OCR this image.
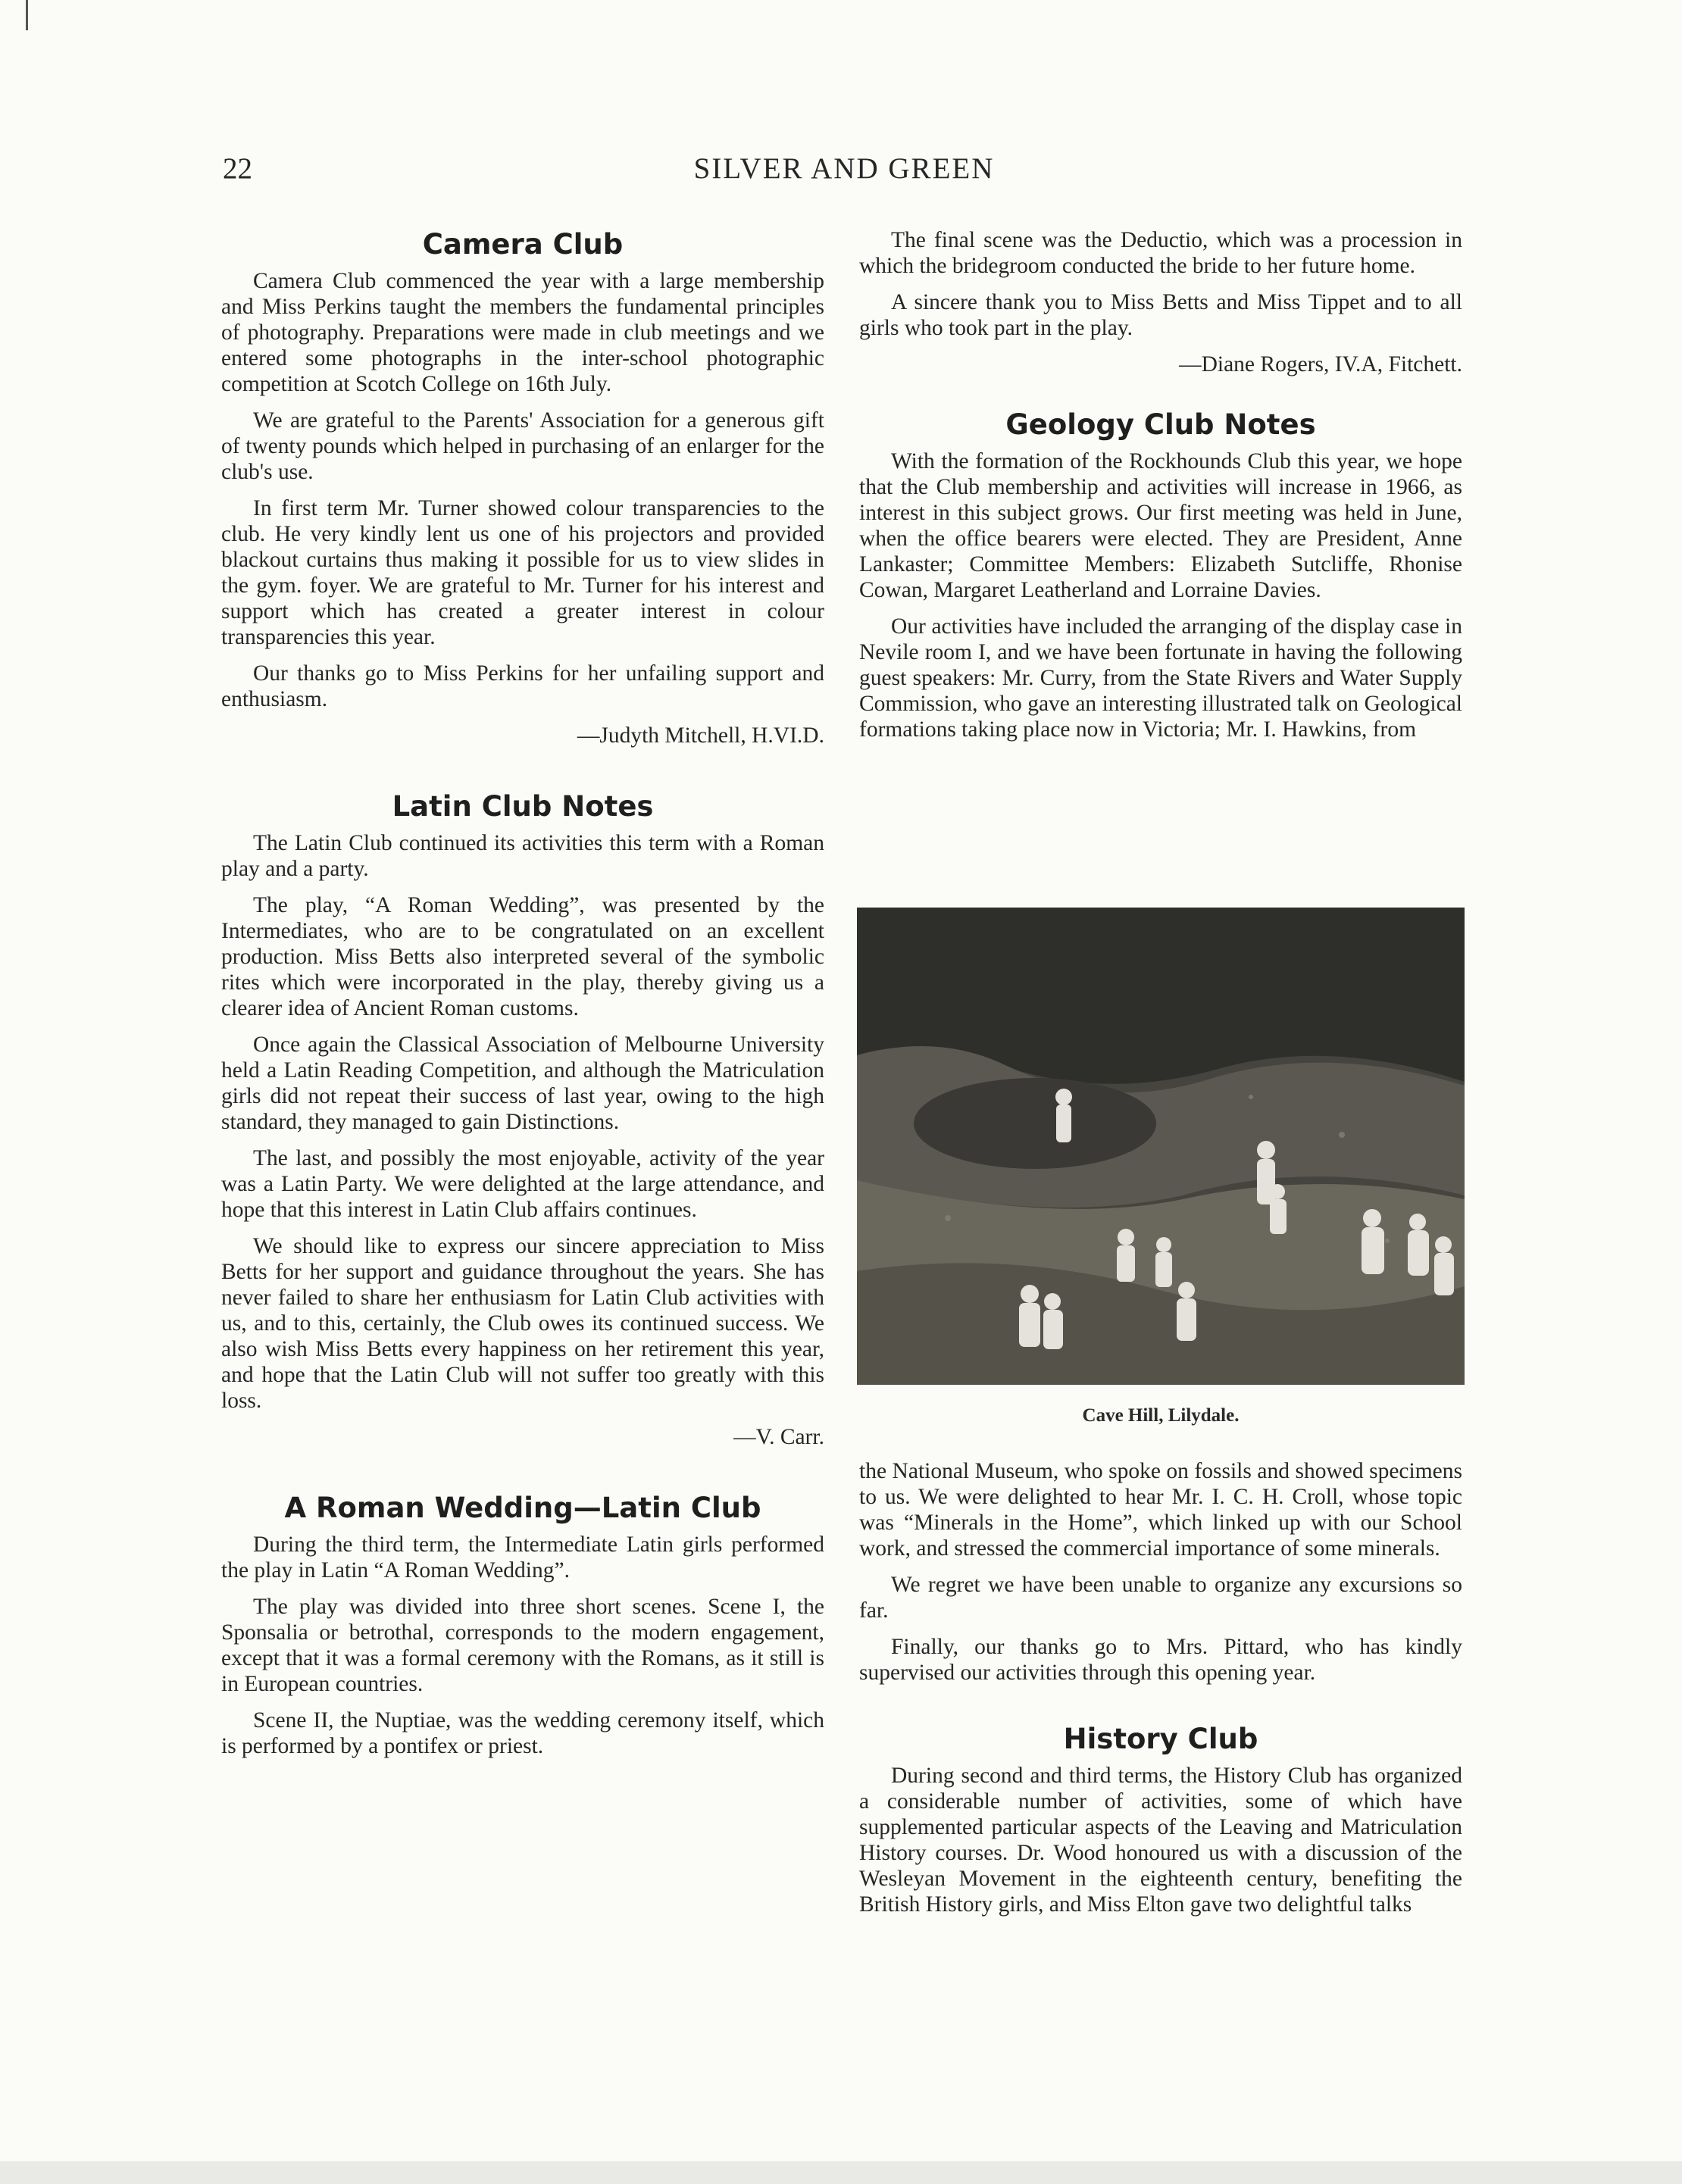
22	SILVER AND GREEN
Camera Club

Camera Club commenced the year with a large membership and Miss Perkins taught the members the fundamental principles of photography. Preparations were made in club meetings and we entered some photographs in the inter-school photographic competition at Scotch College on 16th July.

We are grateful to the Parents' Association for a generous gift of twenty pounds which helped in purchasing of an enlarger for the club's use.

In first term Mr. Turner showed colour transparencies to the club. He very kindly lent us one of his projectors and provided blackout curtains thus making it possible for us to view slides in the gym. foyer. We are grateful to Mr. Turner for his interest and support which has created a greater interest in colour transparencies this year.

Our thanks go to Miss Perkins for her unfailing support and enthusiasm.

—Judyth Mitchell, H.VI.D.

Latin Club Notes

The Latin Club continued its activities this term with a Roman play and a party.

The play, “A Roman Wedding”, was presented by the Intermediates, who are to be congratulated on an excellent production. Miss Betts also interpreted several of the symbolic rites which were incorporated in the play, thereby giving us a clearer idea of Ancient Roman customs.

Once again the Classical Association of Melbourne University held a Latin Reading Competition, and although the Matriculation girls did not repeat their success of last year, owing to the high standard, they managed to gain Distinctions.

The last, and possibly the most enjoyable, activity of the year was a Latin Party. We were delighted at the large attendance, and hope that this interest in Latin Club affairs continues.

We should like to express our sincere appreciation to Miss Betts for her support and guidance throughout the years. She has never failed to share her enthusiasm for Latin Club activities with us, and to this, certainly, the Club owes its continued success. We also wish Miss Betts every happiness on her retirement this year, and hope that the Latin Club will not suffer too greatly with this loss.

—V. Carr.

A Roman Wedding—Latin Club

During the third term, the Intermediate Latin girls performed the play in Latin “A Roman Wedding”.

The play was divided into three short scenes. Scene I, the Sponsalia or betrothal, corresponds to the modern engagement, except that it was a formal ceremony with the Romans, as it still is in European countries.

Scene II, the Nuptiae, was the wedding ceremony itself, which is performed by a pontifex or priest.

The final scene was the Deductio, which was a procession in which the bridegroom conducted the bride to her future home.

A sincere thank you to Miss Betts and Miss Tippet and to all girls who took part in the play.

—Diane Rogers, IV.A, Fitchett.

Geology Club Notes

With the formation of the Rockhounds Club this year, we hope that the Club membership and activities will increase in 1966, as interest in this subject grows. Our first meeting was held in June, when the office bearers were elected. They are President, Anne Lankaster; Committee Members: Elizabeth Sutcliffe, Rhonise Cowan, Margaret Leatherland and Lorraine Davies.

Our activities have included the arranging of the display case in Nevile room I, and we have been fortunate in having the following guest speakers: Mr. Curry, from the State Rivers and Water Supply Commission, who gave an interesting illustrated talk on Geological formations taking place now in Victoria; Mr. I. Hawkins, from

Cave Hill, Lilydale.

the National Museum, who spoke on fossils and showed specimens to us. We were delighted to hear Mr. I. C. H. Croll, whose topic was “Minerals in the Home”, which linked up with our School work, and stressed the commercial importance of some minerals.

We regret we have been unable to organize any excursions so far.

Finally, our thanks go to Mrs. Pittard, who has kindly supervised our activities through this opening year.

History Club

During second and third terms, the History Club has organized a considerable number of activities, some of which have supplemented particular aspects of the Leaving and Matriculation History courses. Dr. Wood honoured us with a discussion of the Wesleyan Movement in the eighteenth century, benefiting the British History girls, and Miss Elton gave two delightful talks
